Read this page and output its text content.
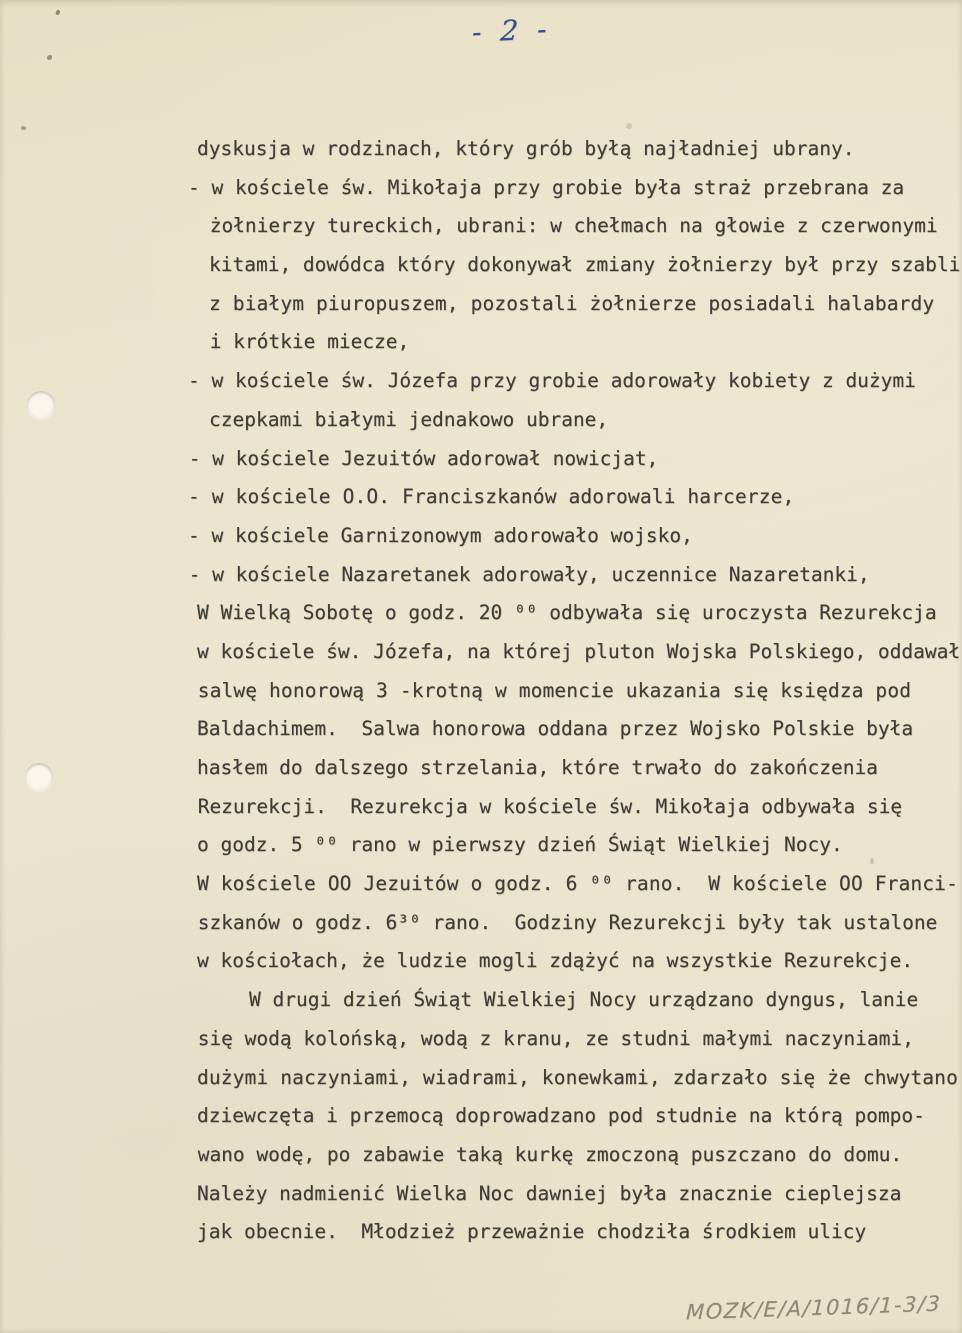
- 2 -
dyskusja w rodzinach, który grób byłą najładniej ubrany.
- w kościele św. Mikołaja przy grobie była straż przebrana za
żołnierzy tureckich, ubrani: w chełmach na głowie z czerwonymi
kitami, dowódca który dokonywał zmiany żołnierzy był przy szabli
z białym piuropuszem, pozostali żołnierze posiadali halabardy
i krótkie miecze,
- w kościele św. Józefa przy grobie adorowały kobiety z dużymi
czepkami białymi jednakowo ubrane,
- w kościele Jezuitów adorował nowicjat,
- w kościele O.O. Franciszkanów adorowali harcerze,
- w kościele Garnizonowym adorowało wojsko,
- w kościele Nazaretanek adorowały, uczennice Nazaretanki,
W Wielką Sobotę o godz. 20 ⁰⁰ odbywała się uroczysta Rezurekcja
w kościele św. Józefa, na której pluton Wojska Polskiego, oddawał
salwę honorową 3 -krotną w momencie ukazania się księdza pod
Baldachimem.  Salwa honorowa oddana przez Wojsko Polskie była
hasłem do dalszego strzelania, które trwało do zakończenia
Rezurekcji.  Rezurekcja w kościele św. Mikołaja odbywała się
o godz. 5 ⁰⁰ rano w pierwszy dzień Świąt Wielkiej Nocy.
W kościele OO Jezuitów o godz. 6 ⁰⁰ rano.  W kościele OO Franci-
szkanów o godz. 6³⁰ rano.  Godziny Rezurekcji były tak ustalone
w kościołach, że ludzie mogli zdążyć na wszystkie Rezurekcje.
W drugi dzień Świąt Wielkiej Nocy urządzano dyngus, lanie
się wodą kolońską, wodą z kranu, ze studni małymi naczyniami,
dużymi naczyniami, wiadrami, konewkami, zdarzało się że chwytano
dziewczęta i przemocą doprowadzano pod studnie na którą pompo-
wano wodę, po zabawie taką kurkę zmoczoną puszczano do domu.
Należy nadmienić Wielka Noc dawniej była znacznie cieplejsza
jak obecnie.  Młodzież przeważnie chodziła środkiem ulicy
MOZK/E/A/1016/1-3/3
